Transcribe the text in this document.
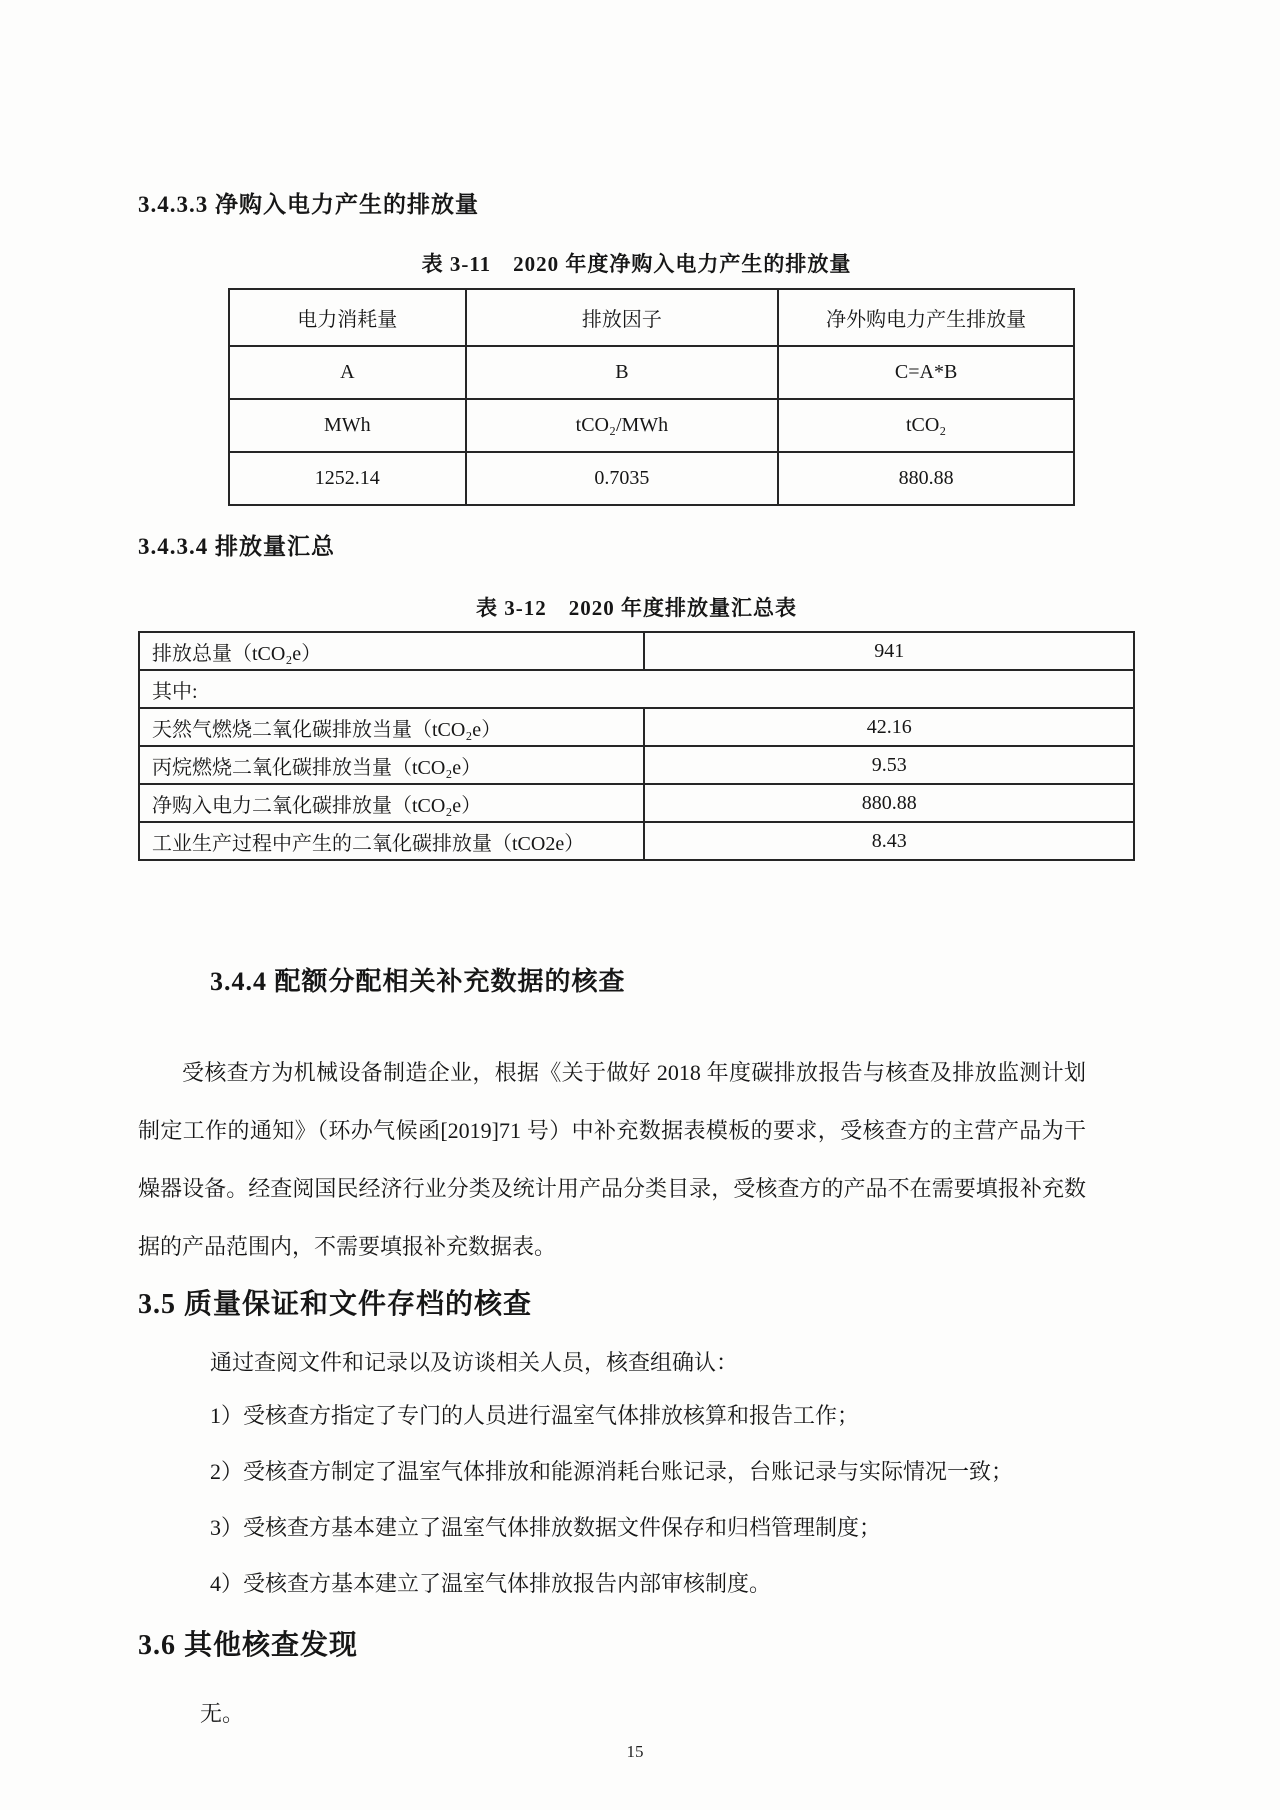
3.4.3.3 净购入电力产生的排放量
表 3-11　2020 年度净购入电力产生的排放量
电力消耗量	排放因子	净外购电力产生排放量
A	B	C=A*B
MWh	tCO₂/MWh	tCO₂
1252.14	0.7035	880.88
3.4.3.4 排放量汇总
表 3-12　2020 年度排放量汇总表
排放总量（tCO₂e）	941
其中:	
天然气燃烧二氧化碳排放当量（tCO₂e）	42.16
丙烷燃烧二氧化碳排放当量（tCO₂e）	9.53
净购入电力二氧化碳排放量（tCO₂e）	880.88
工业生产过程中产生的二氧化碳排放量（tCO2e）	8.43
3.4.4 配额分配相关补充数据的核查

受核查方为机械设备制造企业，根据《关于做好 2018 年度碳排放报告与核查及排放监测计划制定工作的通知》（环办气候函[2019]71 号）中补充数据表模板的要求，受核查方的主营产品为干燥器设备。经查阅国民经济行业分类及统计用产品分类目录，受核查方的产品不在需要填报补充数据的产品范围内，不需要填报补充数据表。

3.5 质量保证和文件存档的核查
通过查阅文件和记录以及访谈相关人员，核查组确认：
1）受核查方指定了专门的人员进行温室气体排放核算和报告工作；
2）受核查方制定了温室气体排放和能源消耗台账记录，台账记录与实际情况一致；
3）受核查方基本建立了温室气体排放数据文件保存和归档管理制度；
4）受核查方基本建立了温室气体排放报告内部审核制度。
3.6 其他核查发现
无。
15
